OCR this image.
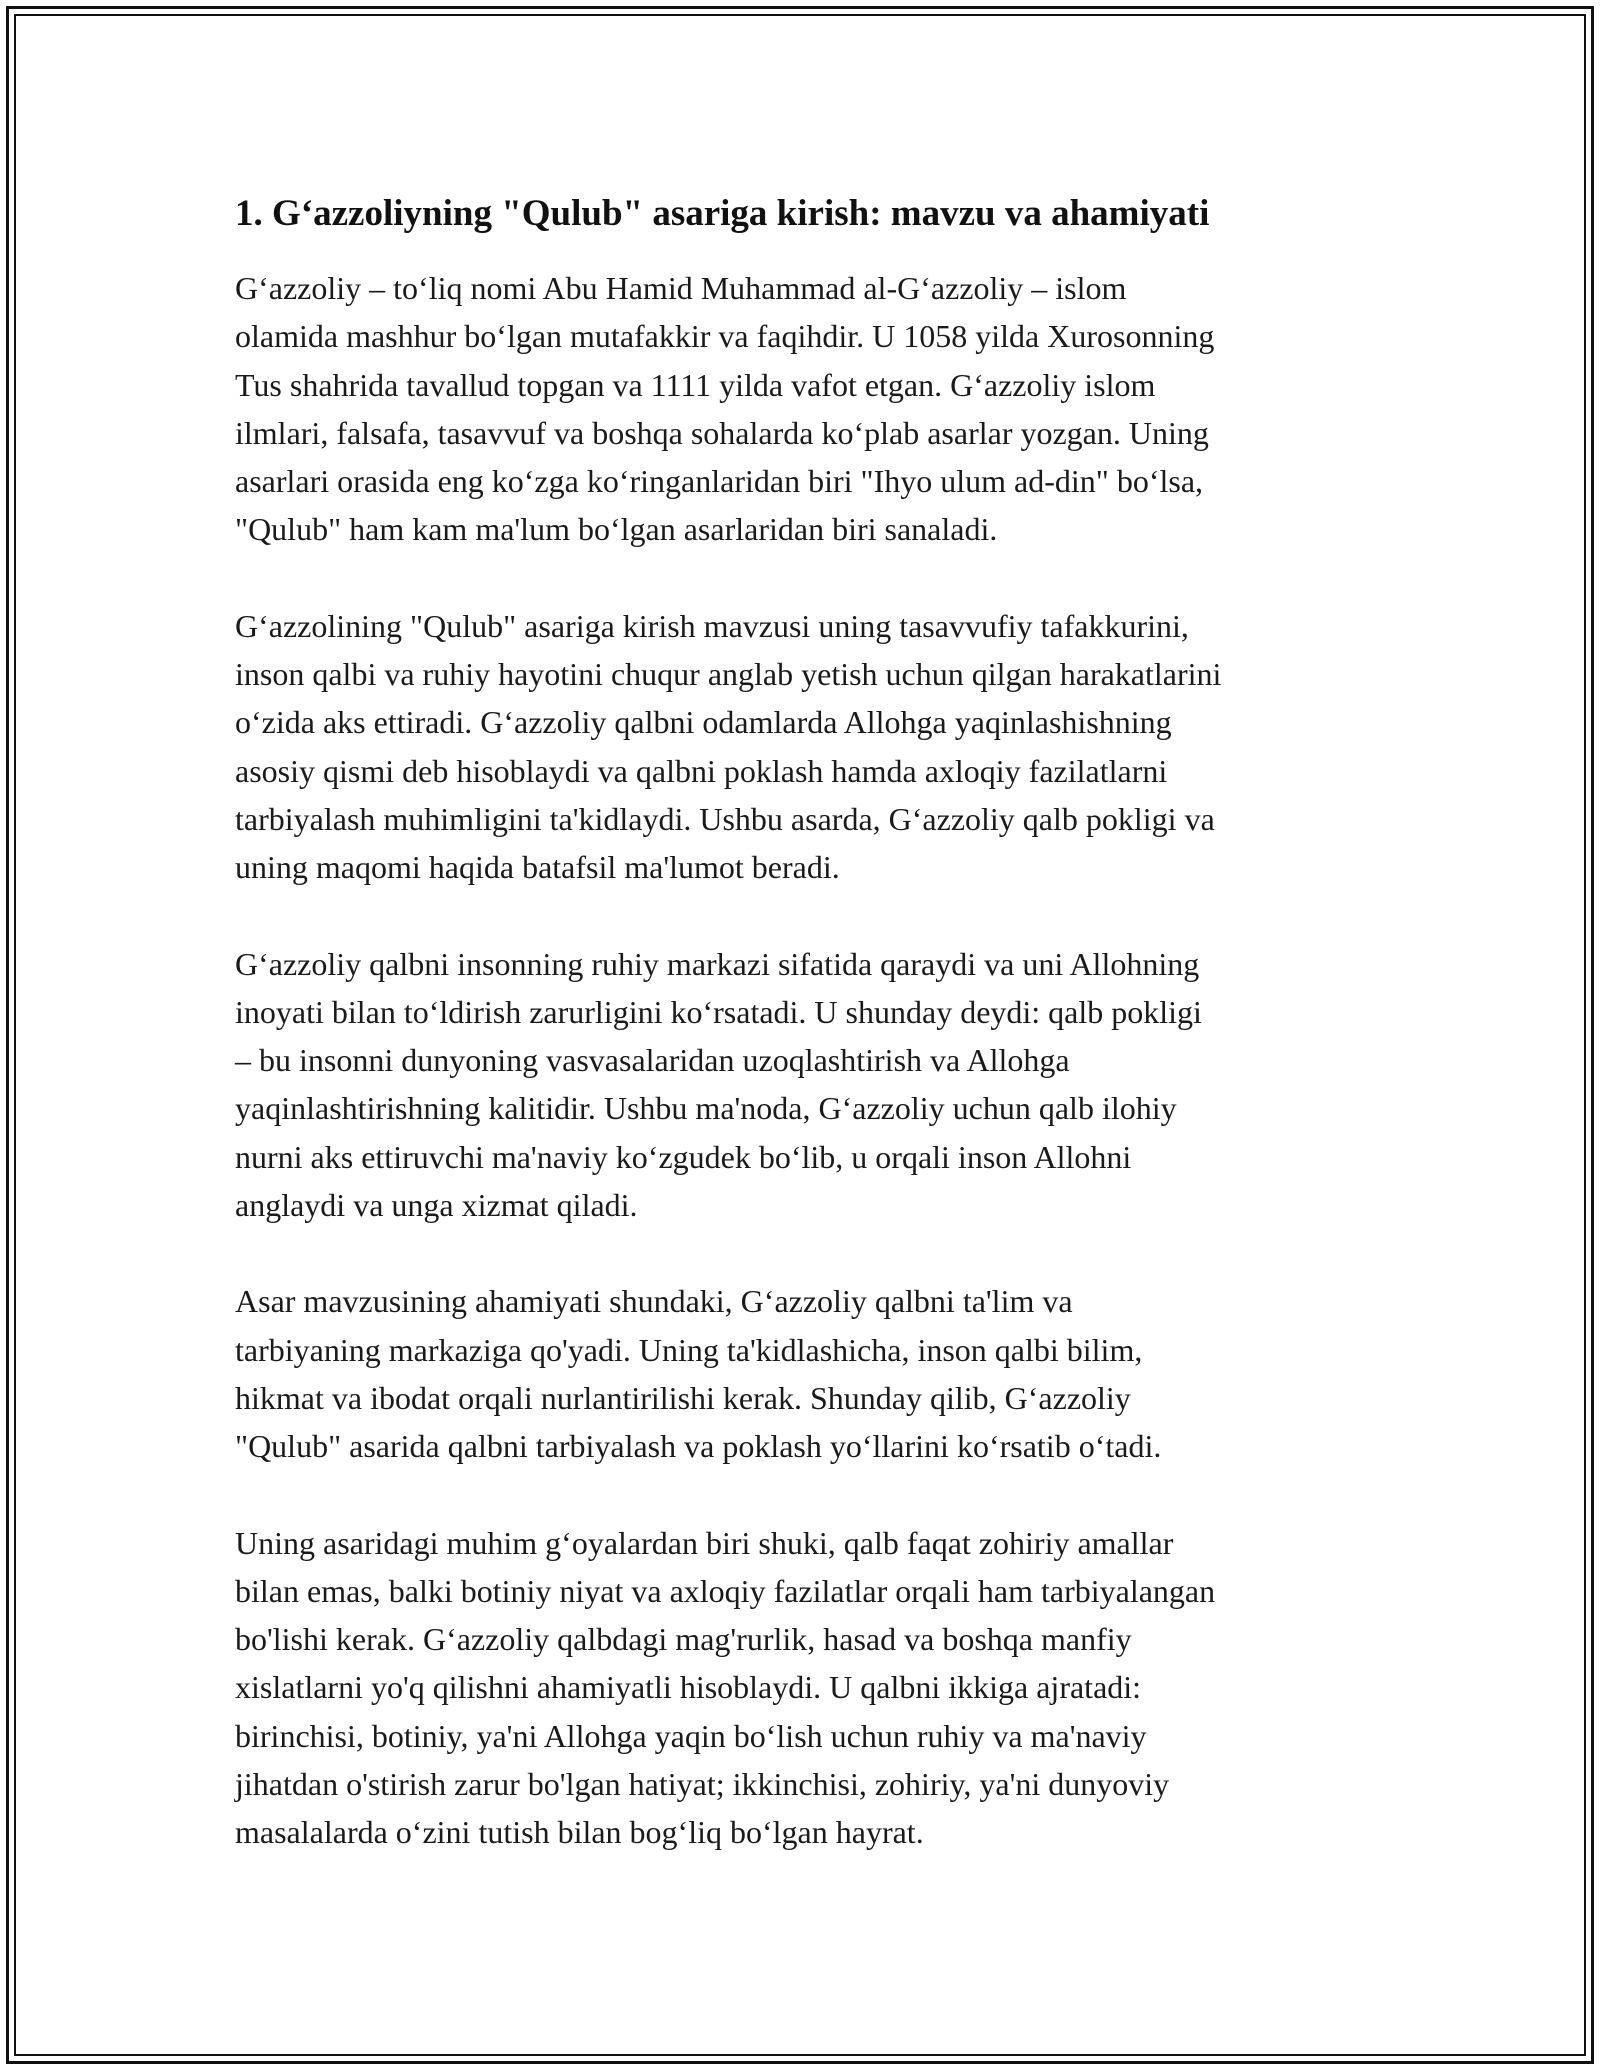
1. G‘azzoliyning "Qulub" asariga kirish: mavzu va ahamiyati
G‘azzoliy – to‘liq nomi Abu Hamid Muhammad al-G‘azzoliy – islom
olamida mashhur bo‘lgan mutafakkir va faqihdir. U 1058 yilda Xurosonning
Tus shahrida tavallud topgan va 1111 yilda vafot etgan. G‘azzoliy islom
ilmlari, falsafa, tasavvuf va boshqa sohalarda ko‘plab asarlar yozgan. Uning
asarlari orasida eng ko‘zga ko‘ringanlaridan biri "Ihyo ulum ad-din" bo‘lsa,
"Qulub" ham kam ma'lum bo‘lgan asarlaridan biri sanaladi.
G‘azzolining "Qulub" asariga kirish mavzusi uning tasavvufiy tafakkurini,
inson qalbi va ruhiy hayotini chuqur anglab yetish uchun qilgan harakatlarini
o‘zida aks ettiradi. G‘azzoliy qalbni odamlarda Allohga yaqinlashishning
asosiy qismi deb hisoblaydi va qalbni poklash hamda axloqiy fazilatlarni
tarbiyalash muhimligini ta'kidlaydi. Ushbu asarda, G‘azzoliy qalb pokligi va
uning maqomi haqida batafsil ma'lumot beradi.
G‘azzoliy qalbni insonning ruhiy markazi sifatida qaraydi va uni Allohning
inoyati bilan to‘ldirish zarurligini ko‘rsatadi. U shunday deydi: qalb pokligi
– bu insonni dunyoning vasvasalaridan uzoqlashtirish va Allohga
yaqinlashtirishning kalitidir. Ushbu ma'noda, G‘azzoliy uchun qalb ilohiy
nurni aks ettiruvchi ma'naviy ko‘zgudek bo‘lib, u orqali inson Allohni
anglaydi va unga xizmat qiladi.
Asar mavzusining ahamiyati shundaki, G‘azzoliy qalbni ta'lim va
tarbiyaning markaziga qo'yadi. Uning ta'kidlashicha, inson qalbi bilim,
hikmat va ibodat orqali nurlantirilishi kerak. Shunday qilib, G‘azzoliy
"Qulub" asarida qalbni tarbiyalash va poklash yo‘llarini ko‘rsatib o‘tadi.
Uning asaridagi muhim g‘oyalardan biri shuki, qalb faqat zohiriy amallar
bilan emas, balki botiniy niyat va axloqiy fazilatlar orqali ham tarbiyalangan
bo'lishi kerak. G‘azzoliy qalbdagi mag'rurlik, hasad va boshqa manfiy
xislatlarni yo'q qilishni ahamiyatli hisoblaydi. U qalbni ikkiga ajratadi:
birinchisi, botiniy, ya'ni Allohga yaqin bo‘lish uchun ruhiy va ma'naviy
jihatdan o'stirish zarur bo'lgan hatiyat; ikkinchisi, zohiriy, ya'ni dunyoviy
masalalarda o‘zini tutish bilan bog‘liq bo‘lgan hayrat.
